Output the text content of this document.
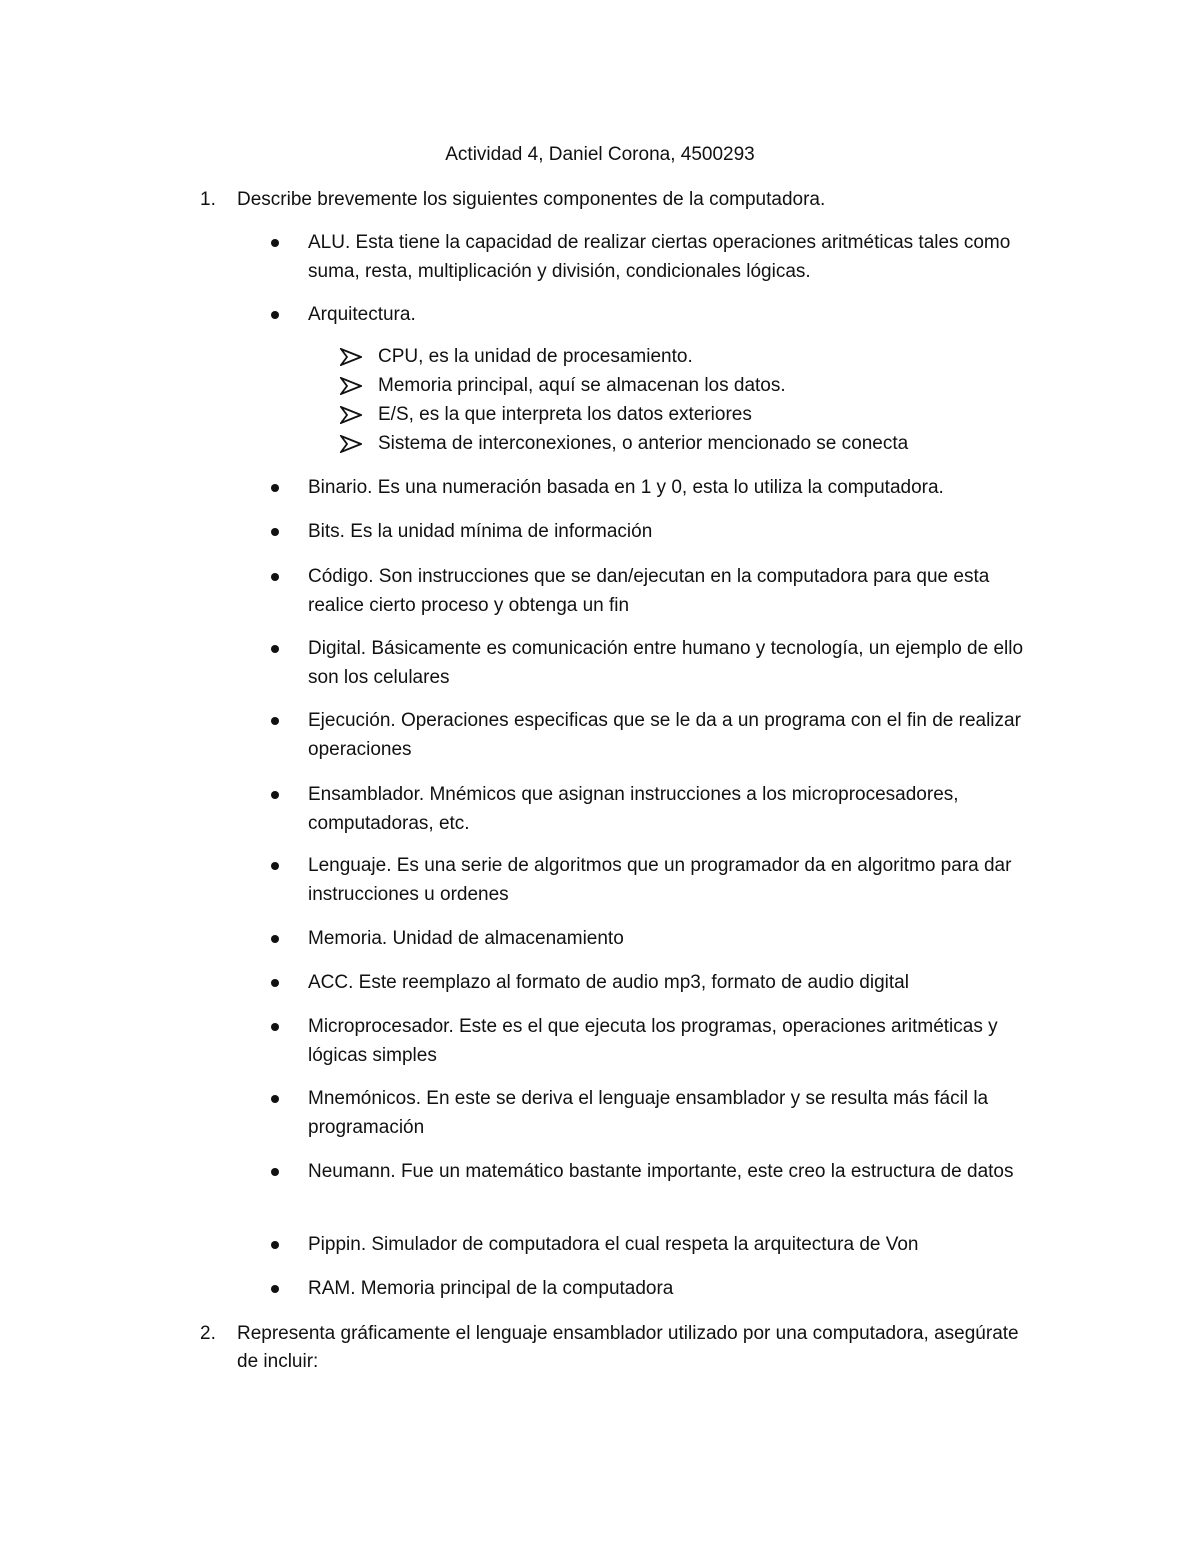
Actividad 4, Daniel Corona, 4500293
1.	Describe brevemente los siguientes componentes de la computadora.
ALU. Esta tiene la capacidad de realizar ciertas operaciones aritméticas tales como suma, resta, multiplicación y división, condicionales lógicas.
Arquitectura.
CPU, es la unidad de procesamiento.
Memoria principal, aquí se almacenan los datos.
E/S, es la que interpreta los datos exteriores
Sistema de interconexiones, o anterior mencionado se conecta
Binario. Es una numeración basada en 1 y 0, esta lo utiliza la computadora.
Bits. Es la unidad mínima de información
Código. Son instrucciones que se dan/ejecutan en la computadora para que esta realice cierto proceso y obtenga un fin
Digital. Básicamente es comunicación entre humano y tecnología, un ejemplo de ello son los celulares
Ejecución. Operaciones especificas que se le da a un programa con el fin de realizar operaciones
Ensamblador. Mnémicos que asignan instrucciones a los microprocesadores, computadoras, etc.
Lenguaje. Es una serie de algoritmos que un programador da en algoritmo para dar instrucciones u ordenes
Memoria. Unidad de almacenamiento
ACC. Este reemplazo al formato de audio mp3, formato de audio digital
Microprocesador. Este es el que ejecuta los programas, operaciones aritméticas y lógicas simples
Mnemónicos. En este se deriva el lenguaje ensamblador y se resulta más fácil la programación
Neumann. Fue un matemático bastante importante, este creo la estructura de datos
Pippin. Simulador de computadora el cual respeta la arquitectura de Von
RAM. Memoria principal de la computadora
2.	Representa gráficamente el lenguaje ensamblador utilizado por una computadora, asegúrate de incluir:
